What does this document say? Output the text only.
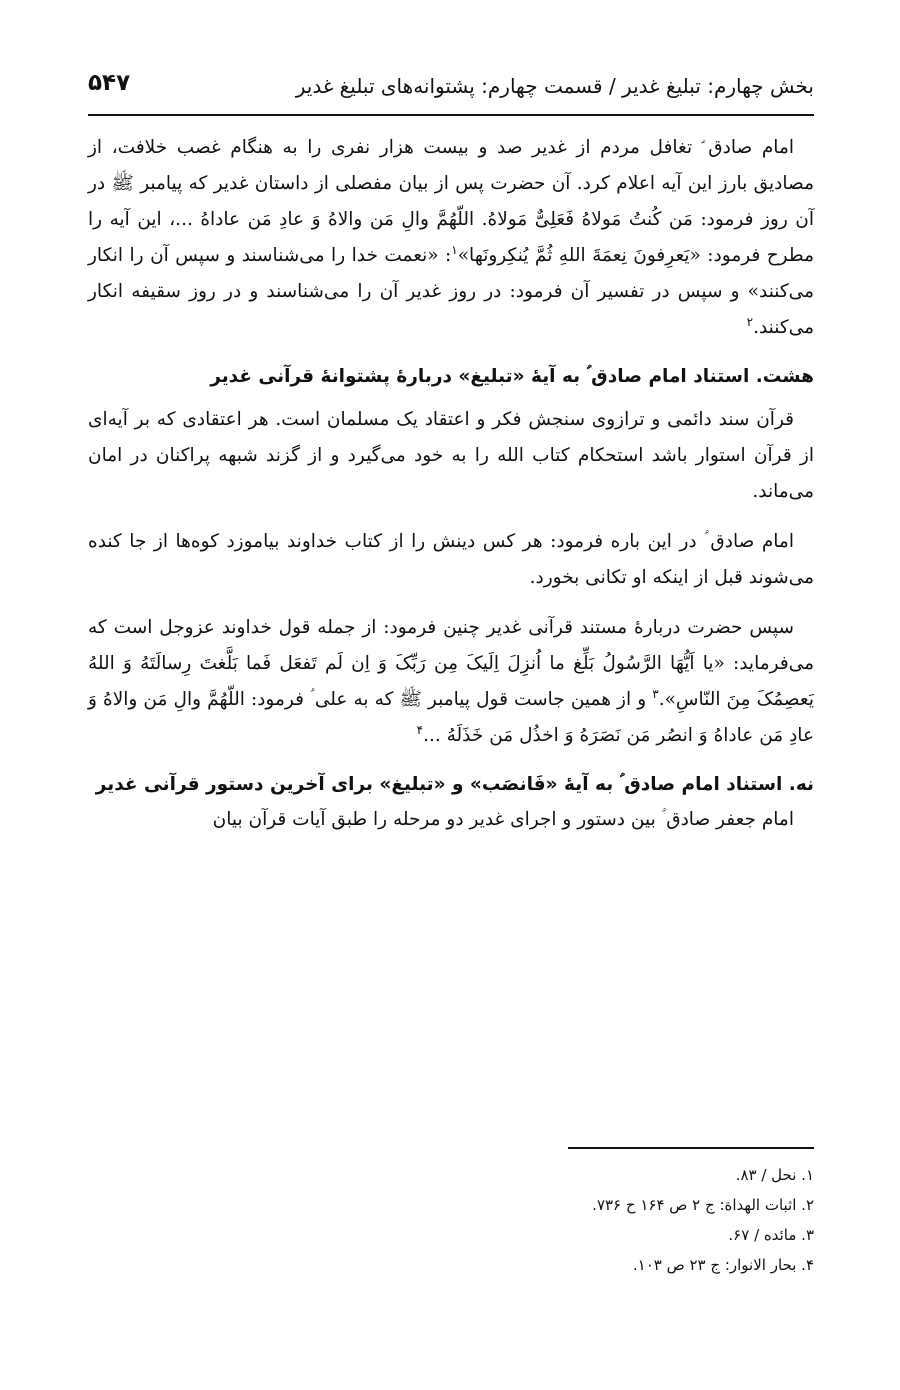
بخش چهارم: تبلیغ غدیر / قسمت چهارم: پشتوانه‌های تبلیغ غدیر
۵۴۷

امام صادق ؑ تغافل مردم از غدیر صد و بیست هزار نفری را به هنگام غصب خلافت، از مصادیق بارز این آیه اعلام کرد. آن حضرت پس از بیان مفصلی از داستان غدیر که پیامبر ﷺ در آن روز فرمود: مَن کُنتُ مَولاهُ فَعَلِیٌّ مَولاهُ. اللّهُمَّ والِ مَن والاهُ وَ عادِ مَن عاداهُ ...، این آیه را مطرح فرمود: «یَعرِفونَ نِعمَةَ اللهِ ثُمَّ یُنکِرونَها»$^۱$: «نعمت خدا را می‌شناسند و سپس آن را انکار می‌کنند» و سپس در تفسیر آن فرمود: در روز غدیر آن را می‌شناسند و در روز سقیفه انکار می‌کنند.$^۲$

هشت. استناد امام صادق ؑ به آیهٔ «تبلیغ» دربارهٔ پشتوانهٔ قرآنی غدیر

قرآن سند دائمی و ترازوی سنجش فکر و اعتقاد یک مسلمان است. هر اعتقادی که بر آیه‌ای از قرآن استوار باشد استحکام کتاب الله را به خود می‌گیرد و از گزند شبهه پراکنان در امان می‌ماند.

امام صادق ؑ در این باره فرمود: هر کس دینش را از کتاب خداوند بیاموزد کوه‌ها از جا کنده می‌شوند قبل از اینکه او تکانی بخورد.

سپس حضرت دربارهٔ مستند قرآنی غدیر چنین فرمود: از جمله قول خداوند عزوجل است که می‌فرماید: «یا اَیُّهَا الرَّسُولُ بَلِّغ ما اُنزِلَ اِلَیکَ مِن رَبِّکَ وَ اِن لَم تَفعَل فَما بَلَّغتَ رِسالَتَهُ وَ اللهُ یَعصِمُکَ مِنَ النّاسِ».$^۳$ و از همین جاست قول پیامبر ﷺ که به علی ؑ فرمود: اللّهُمَّ والِ مَن والاهُ وَ عادِ مَن عاداهُ وَ انصُر مَن نَصَرَهُ وَ اخذُل مَن خَذَلَهُ ...$^۴$

نه. استناد امام صادق ؑ به آیهٔ «فَانصَب» و «تبلیغ» برای آخرین دستور قرآنی غدیر

امام جعفر صادق ؑ بین دستور و اجرای غدیر دو مرحله را طبق آیات قرآن بیان

۱. نحل / ۸۳.
۲. اثبات الهداة: ج ۲ ص ۱۶۴ ح ۷۳۶.
۳. مائده / ۶۷.
۴. بحار الانوار: ج ۲۳ ص ۱۰۳.
